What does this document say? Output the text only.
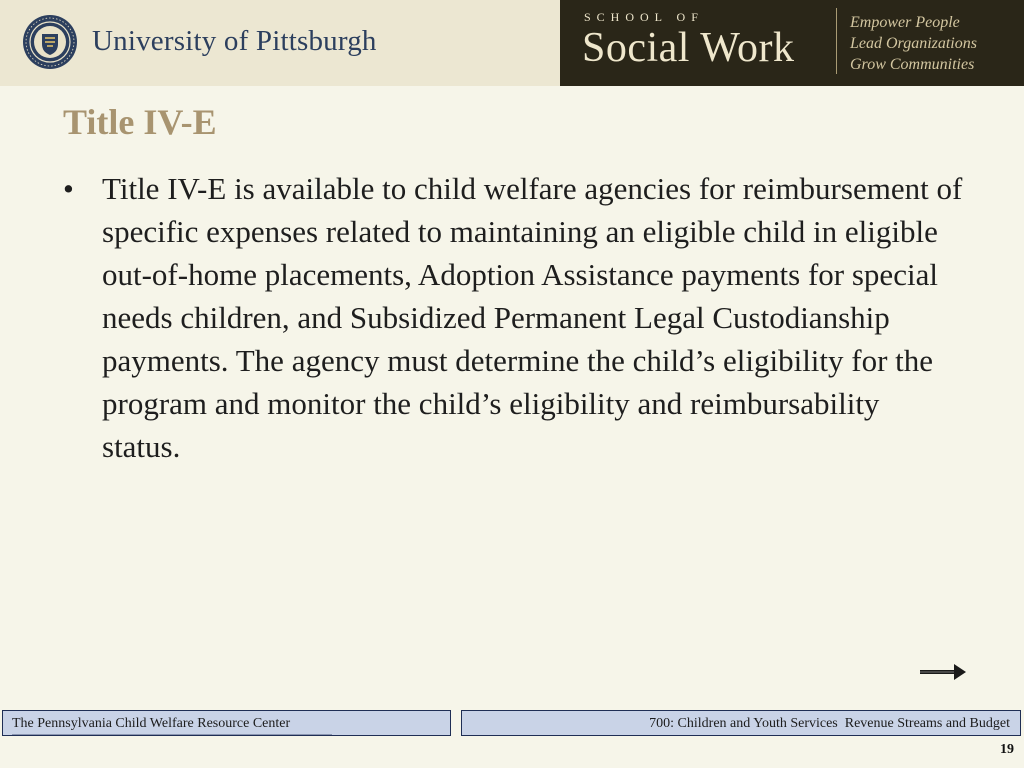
University of Pittsburgh
SCHOOL OF
Social Work
Empower People
Lead Organizations
Grow Communities
Title IV-E
• Title IV-E is available to child welfare agencies for reimbursement of specific expenses related to maintaining an eligible child in eligible out-of-home placements, Adoption Assistance payments for special needs children, and Subsidized Permanent Legal Custodianship payments. The agency must determine the child’s eligibility for the program and monitor the child’s eligibility and reimbursability status.
The Pennsylvania Child Welfare Resource Center	700: Children and Youth Services  Revenue Streams and Budget
19
